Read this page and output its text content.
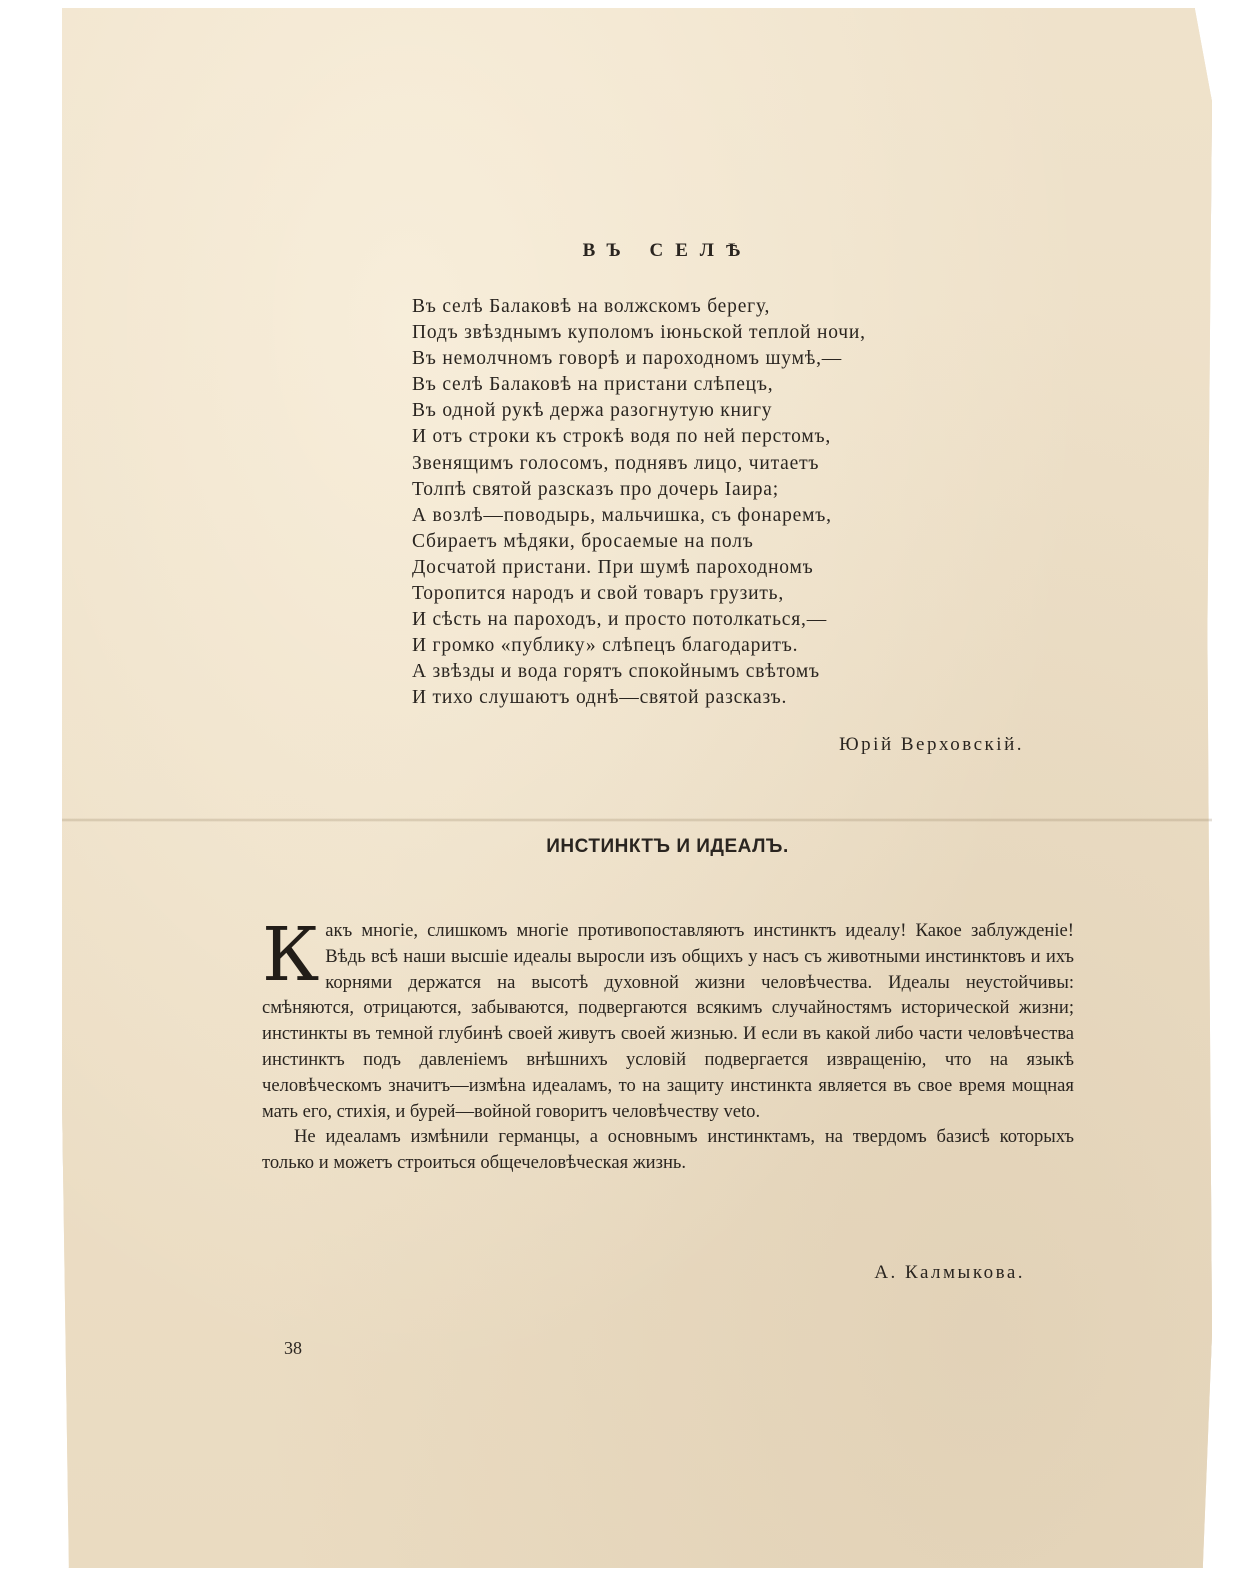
ВЪ СЕЛѢ
Въ селѣ Балаковѣ на волжскомъ берегу,
Подъ звѣзднымъ куполомъ іюньской теплой ночи,
Въ немолчномъ говорѣ и пароходномъ шумѣ,—
Въ селѣ Балаковѣ на пристани слѣпецъ,
Въ одной рукѣ держа разогнутую книгу
И отъ строки къ строкѣ водя по ней перстомъ,
Звенящимъ голосомъ, поднявъ лицо, читаетъ
Толпѣ святой разсказъ про дочерь Іаира;
А возлѣ—поводырь, мальчишка, съ фонаремъ,
Сбираетъ мѣдяки, бросаемые на полъ
Досчатой пристани. При шумѣ пароходномъ
Торопится народъ и свой товаръ грузить,
И сѣсть на пароходъ, и просто потолкаться,—
И громко «публику» слѣпецъ благодаритъ.
А звѣзды и вода горятъ спокойнымъ свѣтомъ
И тихо слушаютъ однѣ—святой разсказъ.
Юрій Верховскій.
ИНСТИНКТЪ И ИДЕАЛЪ.

Какъ многіе, слишкомъ многіе противопоставляютъ инстинктъ идеалу! Какое заблужденіе! Вѣдь всѣ наши высшіе идеалы выросли изъ общихъ у насъ съ животными инстинктовъ и ихъ корнями держатся на высотѣ духовной жизни человѣчества. Идеалы неустойчивы: смѣняются, отрицаются, забываются, подвергаются всякимъ случайностямъ исторической жизни; инстинкты въ темной глубинѣ своей живутъ своей жизнью. И если въ какой либо части человѣчества инстинктъ подъ давленіемъ внѣшнихъ условій подвергается извращенію, что на языкѣ человѣческомъ значитъ—измѣна идеаламъ, то на защиту инстинкта является въ свое время мощная мать его, стихія, и бурей—войной говоритъ человѣчеству veto.

Не идеаламъ измѣнили германцы, а основнымъ инстинктамъ, на твердомъ базисѣ которыхъ только и можетъ строиться общечеловѣческая жизнь.

А. Калмыкова.
38
